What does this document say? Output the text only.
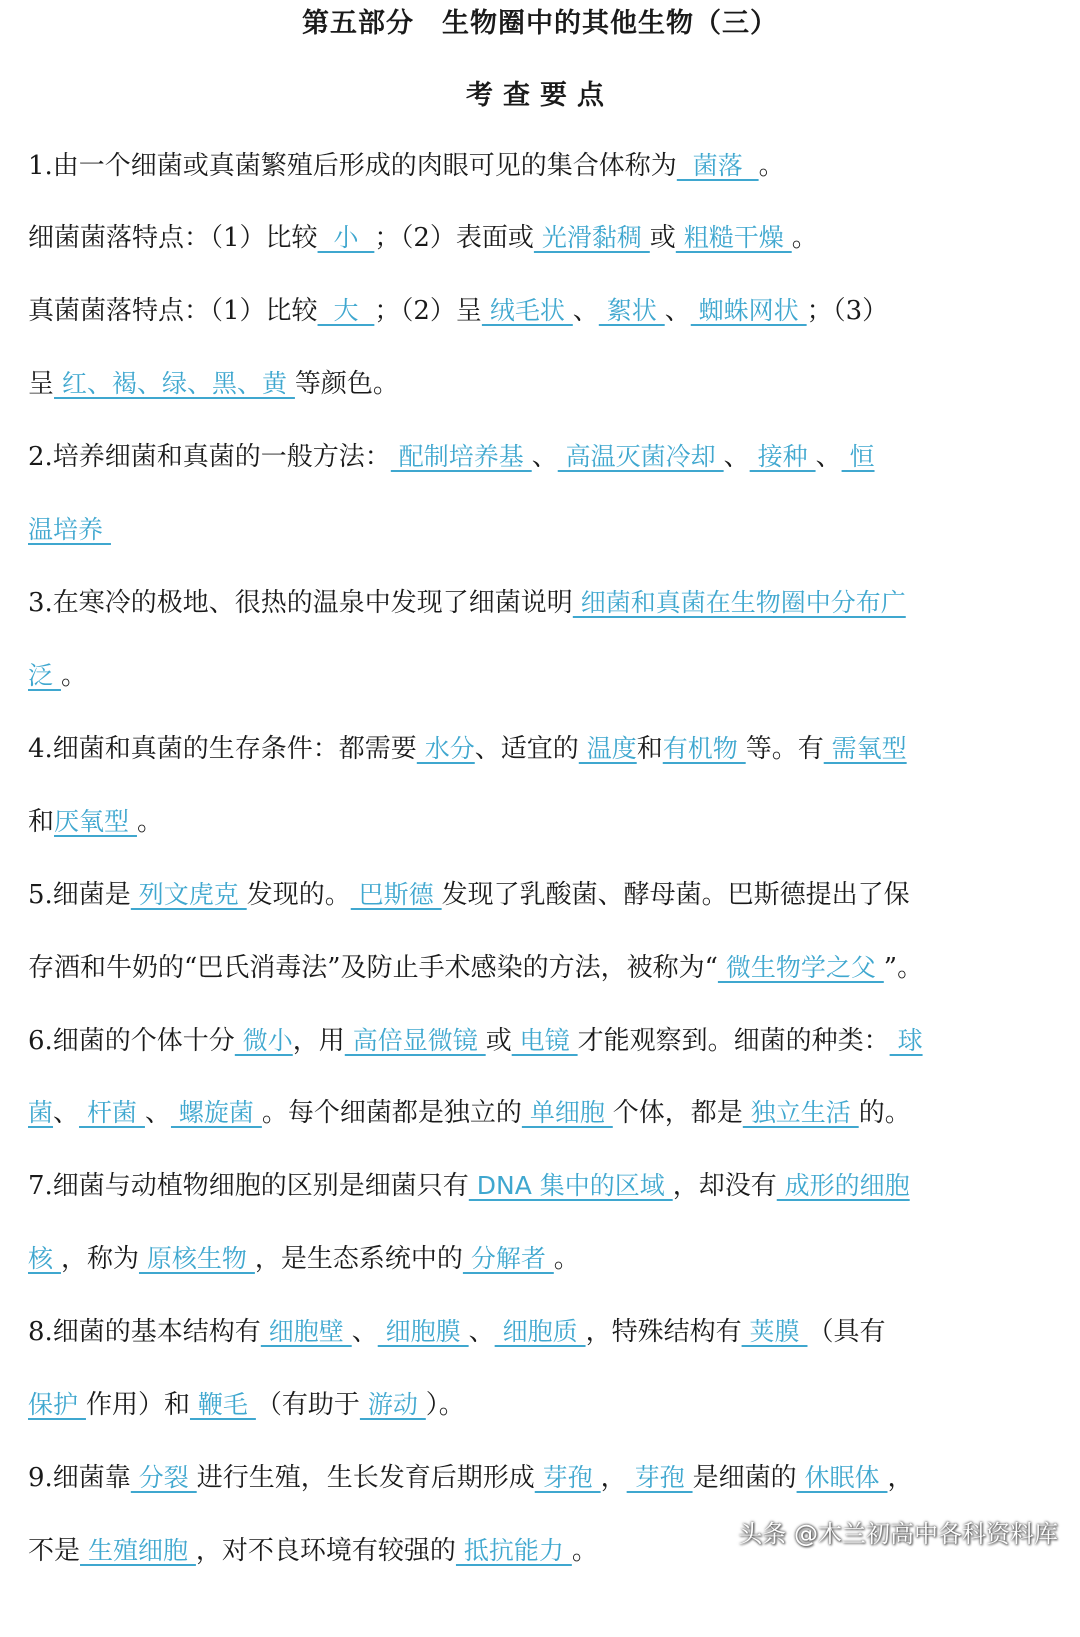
第五部分　生物圈中的其他生物（三）
考查要点
1.由一个细菌或真菌繁殖后形成的肉眼可见的集合体称为  菌落  。
细菌菌落特点：（1）比较  小  ；（2）表面或 光滑黏稠 或 粗糙干燥 。
真菌菌落特点：（1）比较  大  ；（2）呈 绒毛状 、 絮状 、 蜘蛛网状 ；（3）
呈 红、褐、绿、黑、黄 等颜色。
2.培养细菌和真菌的一般方法： 配制培养基 、 高温灭菌冷却 、 接种 、 恒
温培养
3.在寒冷的极地、很热的温泉中发现了细菌说明 细菌和真菌在生物圈中分布广
泛 。
4.细菌和真菌的生存条件：都需要 水分、适宜的 温度和有机物 等。有 需氧型
和厌氧型 。
5.细菌是 列文虎克 发现的。 巴斯德 发现了乳酸菌、酵母菌。巴斯德提出了保
存酒和牛奶的“巴氏消毒法”及防止手术感染的方法，被称为“ 微生物学之父 ”。
6.细菌的个体十分 微小，用 高倍显微镜 或 电镜 才能观察到。细菌的种类： 球
菌、 杆菌 、 螺旋菌 。每个细菌都是独立的 单细胞 个体，都是 独立生活 的。
7.细菌与动植物细胞的区别是细菌只有 DNA 集中的区域 ，却没有 成形的细胞
核 ，称为 原核生物 ，是生态系统中的 分解者 。
8.细菌的基本结构有 细胞壁 、 细胞膜 、 细胞质 ，特殊结构有 荚膜 （具有
保护 作用）和 鞭毛 （有助于 游动 ）。
9.细菌靠 分裂 进行生殖，生长发育后期形成 芽孢 ， 芽孢 是细菌的 休眠体 ，
不是 生殖细胞 ，对不良环境有较强的 抵抗能力 。
头条 @木兰初高中各科资料库
